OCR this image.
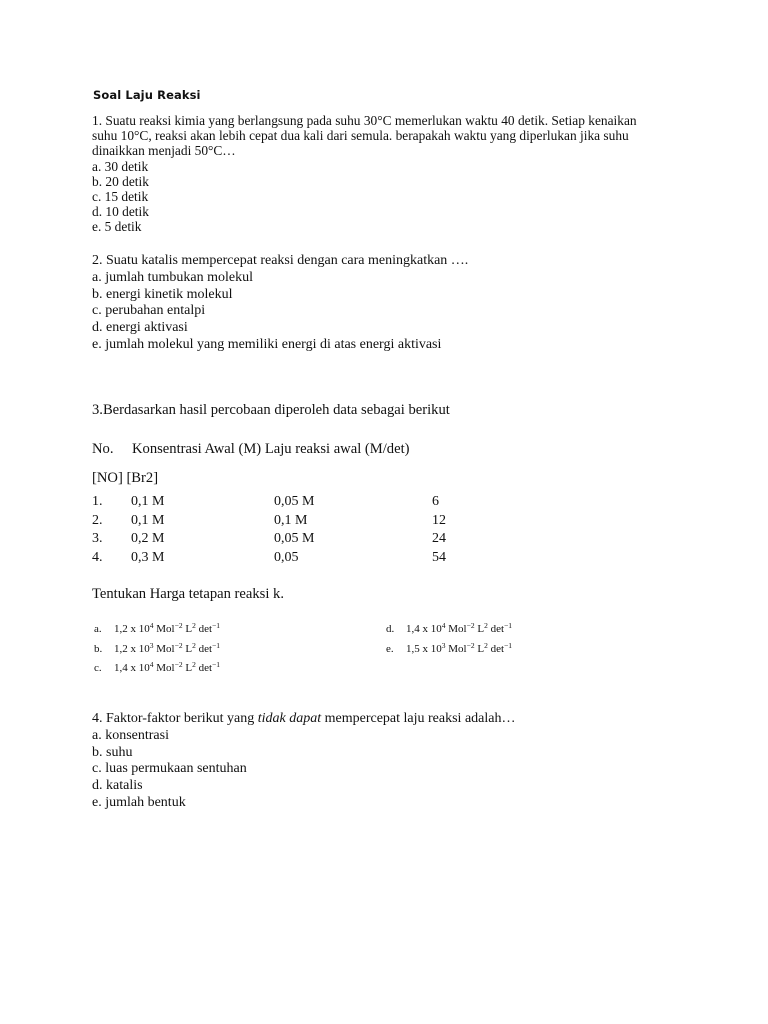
Soal Laju Reaksi
1. Suatu reaksi kimia yang berlangsung pada suhu 30°C memerlukan waktu 40 detik. Setiap kenaikan
suhu 10°C, reaksi akan lebih cepat dua kali dari semula. berapakah waktu yang diperlukan jika suhu
dinaikkan menjadi 50°C…
a. 30 detik
b. 20 detik
c. 15 detik
d. 10 detik
e. 5 detik
2. Suatu katalis mempercepat reaksi dengan cara meningkatkan ….
a. jumlah tumbukan molekul
b. energi kinetik molekul
c. perubahan entalpi
d. energi aktivasi
e. jumlah molekul yang memiliki energi di atas energi aktivasi
3.Berdasarkan hasil percobaan diperoleh data sebagai berikut
No. Konsentrasi Awal (M) Laju reaksi awal (M/det)
[NO] [Br2]
1. 0,1 M	0,05 M	6
2. 0,1 M	0,1 M	12
3. 0,2 M	0,05 M	24
4. 0,3 M	0,05	54
Tentukan Harga tetapan reaksi k.
a. 1,2 x $10^4$ Mol$^{-2}$ $L^2$ $\det^{-1}$
b. 1,2 x $10^3$ Mol$^{-2}$ $L^2$ $\det^{-1}$
c. 1,4 x $10^4$ Mol$^{-2}$ $L^2$ $\det^{-1}$
d. 1,4 x $10^4$ Mol$^{-2}$ $L^2$ $\det^{-1}$
e. 1,5 x $10^3$ Mol$^{-2}$ $L^2$ $\det^{-1}$
4. Faktor-faktor berikut yang tidak dapat mempercepat laju reaksi adalah…
a. konsentrasi
b. suhu
c. luas permukaan sentuhan
d. katalis
e. jumlah bentuk
